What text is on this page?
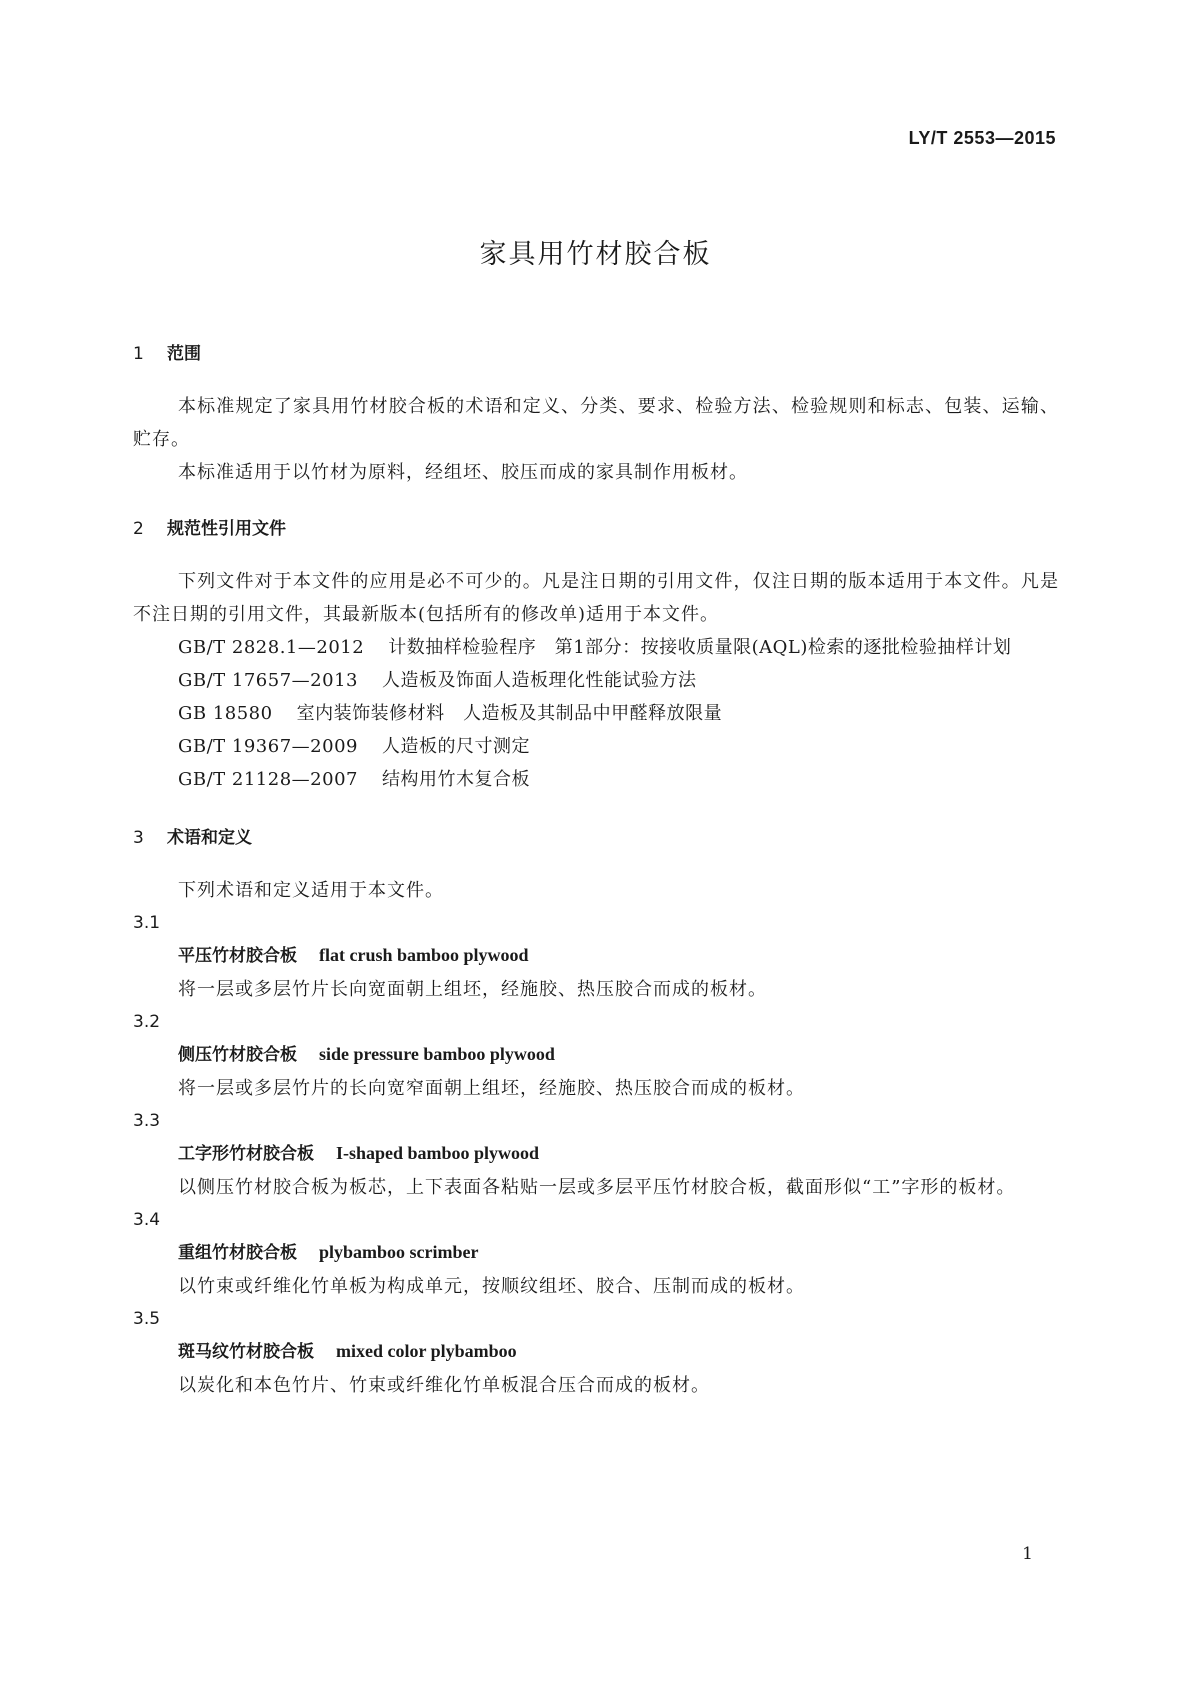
LY/T 2553—2015
家具用竹材胶合板
1 范围
本标准规定了家具用竹材胶合板的术语和定义、分类、要求、检验方法、检验规则和标志、包装、运输、贮存。
本标准适用于以竹材为原料，经组坯、胶压而成的家具制作用板材。
2 规范性引用文件
下列文件对于本文件的应用是必不可少的。凡是注日期的引用文件，仅注日期的版本适用于本文件。凡是不注日期的引用文件，其最新版本(包括所有的修改单)适用于本文件。
GB/T 2828.1—2012 计数抽样检验程序　第1部分：按接收质量限(AQL)检索的逐批检验抽样计划
GB/T 17657—2013 人造板及饰面人造板理化性能试验方法
GB 18580 室内装饰装修材料　人造板及其制品中甲醛释放限量
GB/T 19367—2009 人造板的尺寸测定
GB/T 21128—2007 结构用竹木复合板
3 术语和定义
下列术语和定义适用于本文件。
3.1
平压竹材胶合板 flat crush bamboo plywood
将一层或多层竹片长向宽面朝上组坯，经施胶、热压胶合而成的板材。
3.2
侧压竹材胶合板 side pressure bamboo plywood
将一层或多层竹片的长向宽窄面朝上组坯，经施胶、热压胶合而成的板材。
3.3
工字形竹材胶合板 I-shaped bamboo plywood
以侧压竹材胶合板为板芯，上下表面各粘贴一层或多层平压竹材胶合板，截面形似“工”字形的板材。
3.4
重组竹材胶合板 plybamboo scrimber
以竹束或纤维化竹单板为构成单元，按顺纹组坯、胶合、压制而成的板材。
3.5
斑马纹竹材胶合板 mixed color plybamboo
以炭化和本色竹片、竹束或纤维化竹单板混合压合而成的板材。
1
